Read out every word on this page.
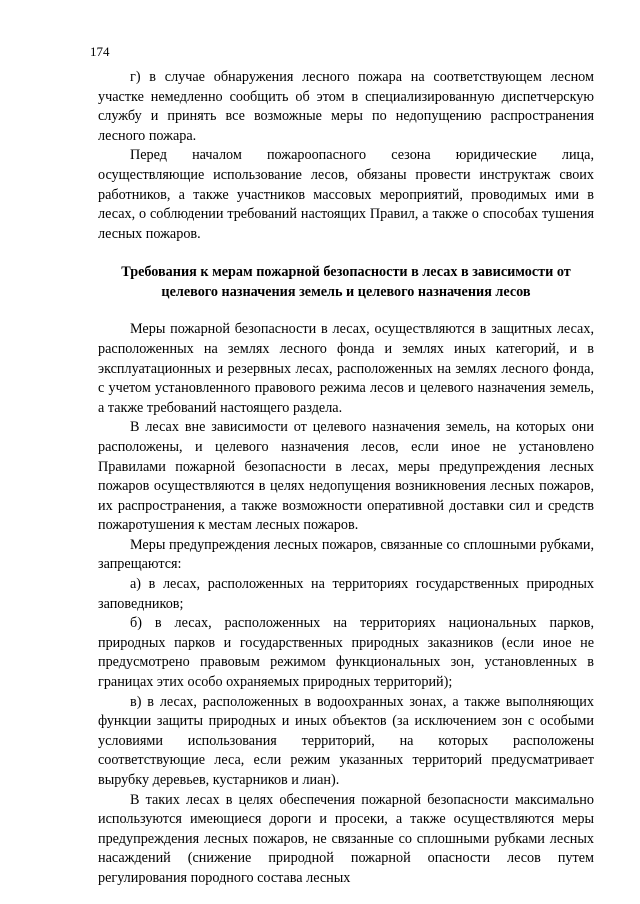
174

г) в случае обнаружения лесного пожара на соответствующем лесном участке немедленно сообщить об этом в специализированную диспетчерскую службу и принять все возможные меры по недопущению распространения лесного пожара.

Перед началом пожароопасного сезона юридические лица, осуществляющие использование лесов, обязаны провести инструктаж своих работников, а также участников массовых мероприятий, проводимых ими в лесах, о соблюдении требований настоящих Правил, а также о способах тушения лесных пожаров.

Требования к мерам пожарной безопасности в лесах в зависимости от
целевого назначения земель и целевого назначения лесов

Меры пожарной безопасности в лесах, осуществляются в защитных лесах, расположенных на землях лесного фонда и землях иных категорий, и в эксплуатационных и резервных лесах, расположенных на землях лесного фонда, с учетом установленного правового режима лесов и целевого назначения земель, а также требований настоящего раздела.

В лесах вне зависимости от целевого назначения земель, на которых они расположены, и целевого назначения лесов, если иное не установлено Правилами пожарной безопасности в лесах, меры предупреждения лесных пожаров осуществляются в целях недопущения возникновения лесных пожаров, их распространения, а также возможности оперативной доставки сил и средств пожаротушения к местам лесных пожаров.

Меры предупреждения лесных пожаров, связанные со сплошными рубками, запрещаются:

а) в лесах, расположенных на территориях государственных природных заповедников;

б) в лесах, расположенных на территориях национальных парков, природных парков и государственных природных заказников (если иное не предусмотрено правовым режимом функциональных зон, установленных в границах этих особо охраняемых природных территорий);

в) в лесах, расположенных в водоохранных зонах, а также выполняющих функции защиты природных и иных объектов (за исключением зон с особыми условиями использования территорий, на которых расположены соответствующие леса, если режим указанных территорий предусматривает вырубку деревьев, кустарников и лиан).

В таких лесах в целях обеспечения пожарной безопасности максимально используются имеющиеся дороги и просеки, а также осуществляются меры предупреждения лесных пожаров, не связанные со сплошными рубками лесных насаждений (снижение природной пожарной опасности лесов путем регулирования породного состава лесных
